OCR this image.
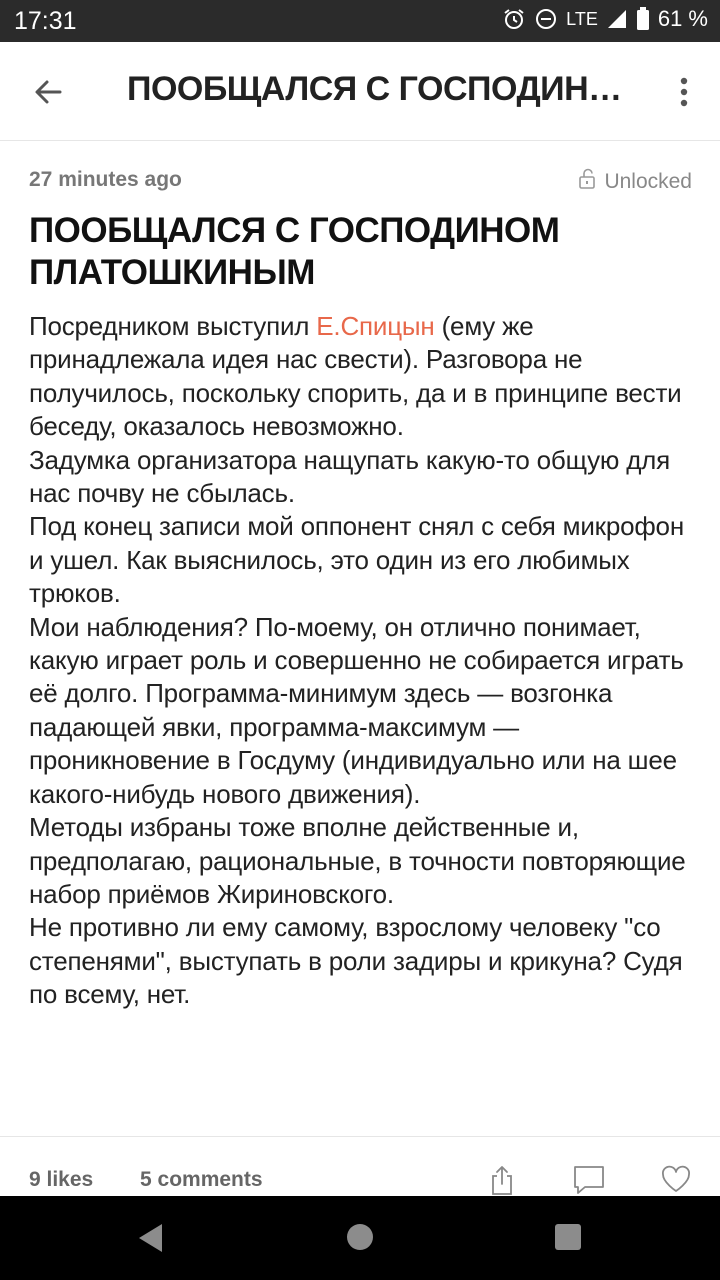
17:31	LTE	61 %
ПООБЩАЛСЯ С ГОСПОДИН…
27 minutes ago	Unlocked
ПООБЩАЛСЯ С ГОСПОДИНОМ ПЛАТОШКИНЫМ

Посредником выступил Е.Спицын (ему же принадлежала идея нас свести). Разговора не получилось, поскольку спорить, да и в принципе вести беседу, оказалось невозможно.

Задумка организатора нащупать какую-то общую для нас почву не сбылась.

Под конец записи мой оппонент снял с себя микрофон и ушел. Как выяснилось, это один из его любимых трюков.

Мои наблюдения? По-моему, он отлично понимает, какую играет роль и совершенно не собирается играть её долго. Программа-минимум здесь — возгонка падающей явки, программа-максимум — проникновение в Госдуму (индивидуально или на шее какого-нибудь нового движения).

Методы избраны тоже вполне действенные и, предполагаю, рациональные, в точности повторяющие набор приёмов Жириновского.

Не противно ли ему самому, взрослому человеку "со степенями", выступать в роли задиры и крикуна? Судя по всему, нет.

9 likes 5 comments
